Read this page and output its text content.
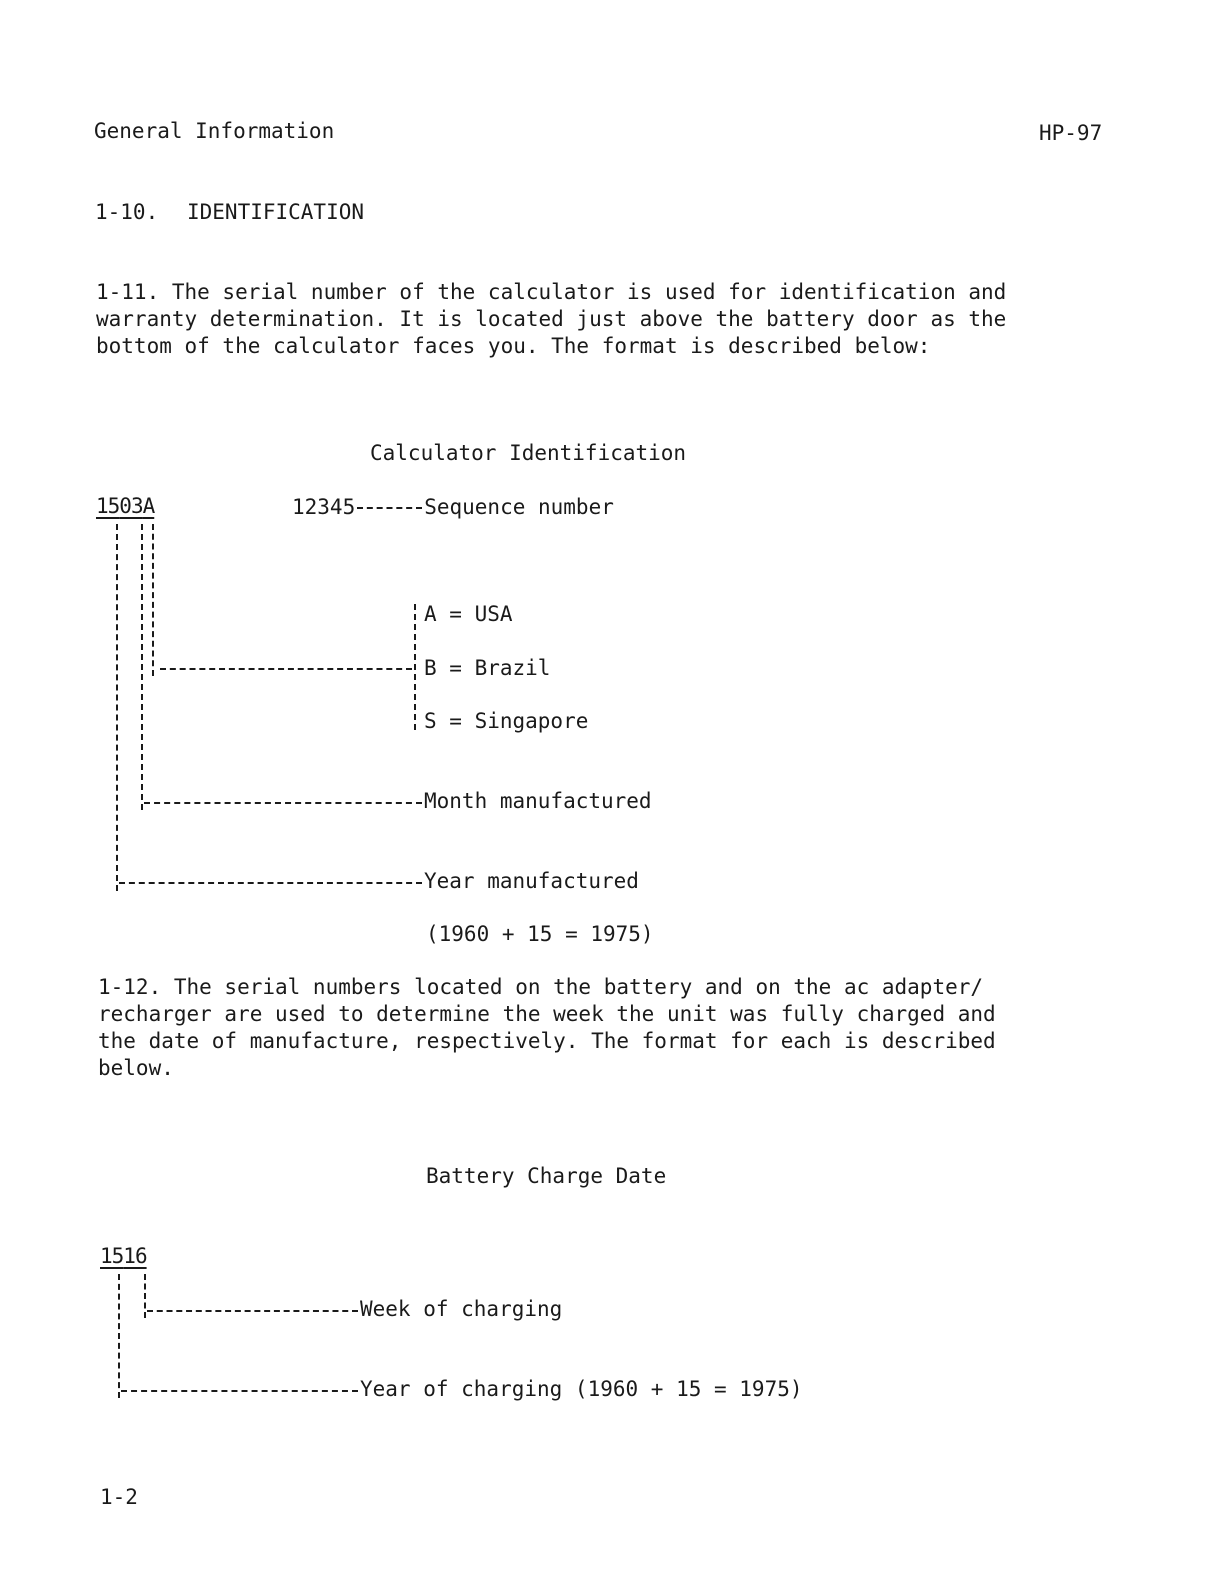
General Information	HP-97
1-10. IDENTIFICATION
1-11. The serial number of the calculator is used for identification and
warranty determination. It is located just above the battery door as the
bottom of the calculator faces you. The format is described below:
Calculator Identification
1503A	12345	Sequence number
A = USA
B = Brazil
S = Singapore
Month manufactured
Year manufactured
(1960 + 15 = 1975)
1-12. The serial numbers located on the battery and on the ac adapter/
recharger are used to determine the week the unit was fully charged and
the date of manufacture, respectively. The format for each is described
below.
Battery Charge Date
1516
Week of charging
Year of charging (1960 + 15 = 1975)
1-2
